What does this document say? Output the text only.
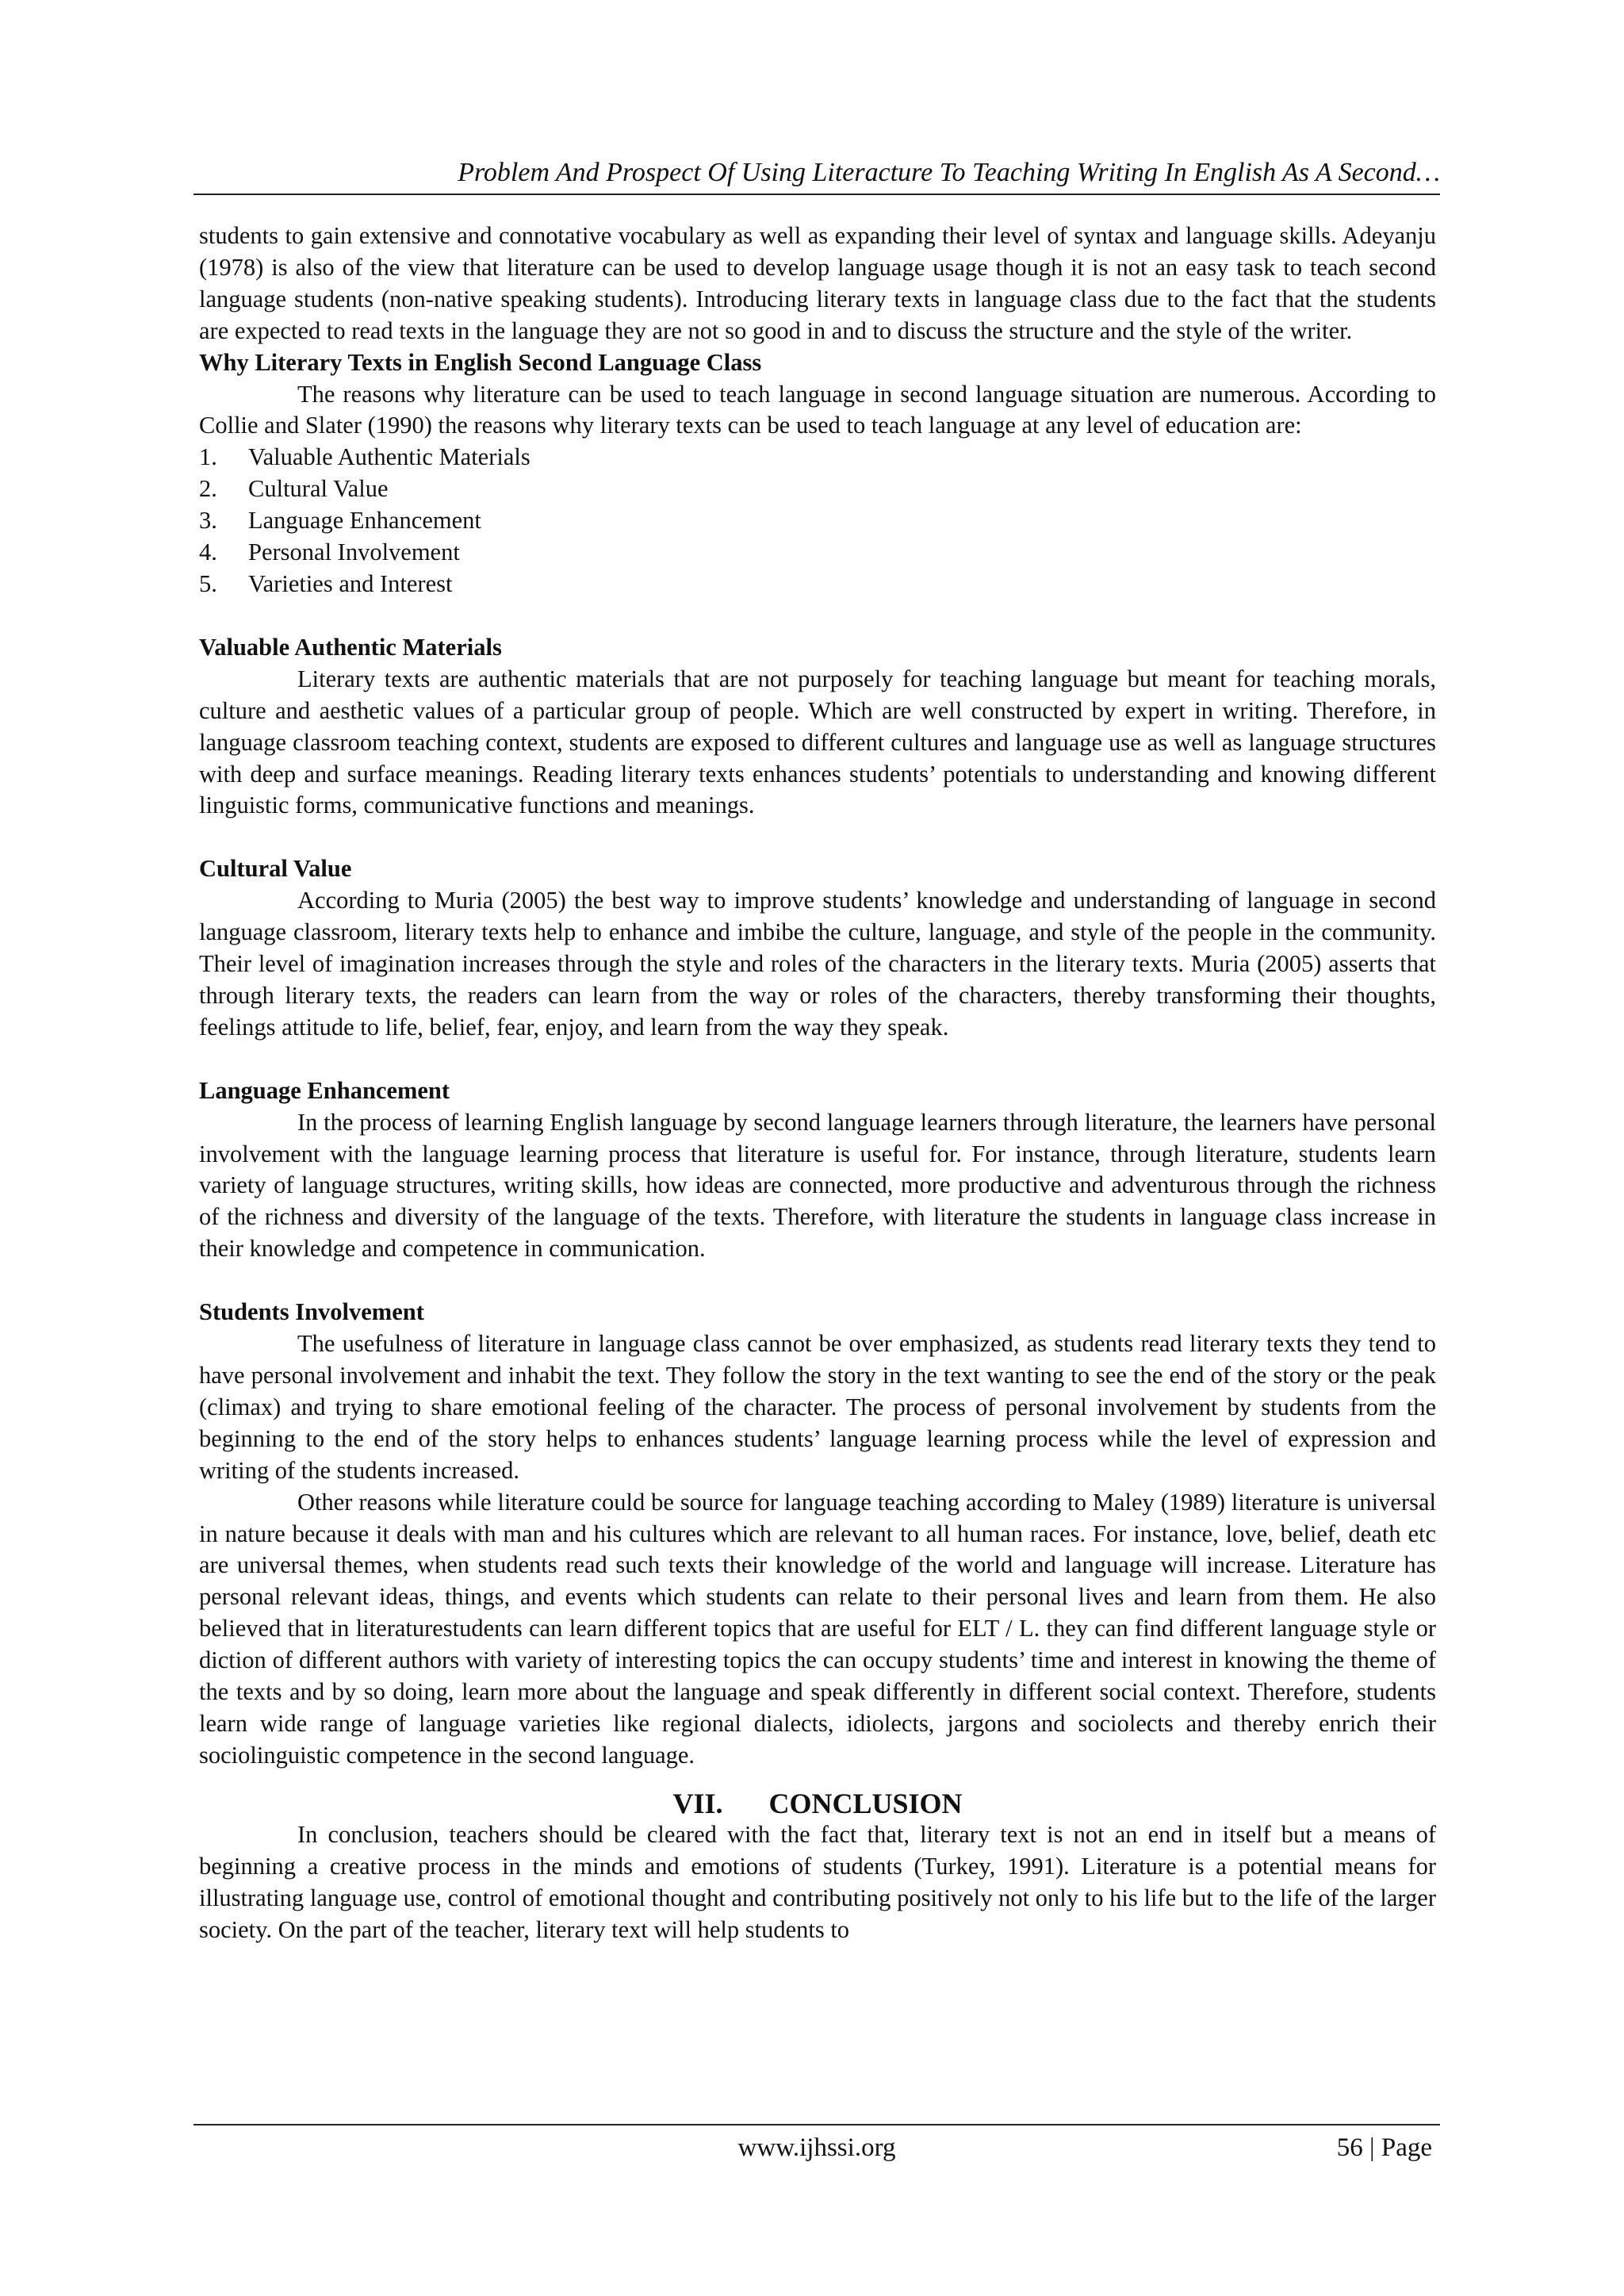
Problem And Prospect Of Using Literacture To Teaching Writing In English As A Second…

students to gain extensive and connotative vocabulary as well as expanding their level of syntax and language skills. Adeyanju (1978) is also of the view that literature can be used to develop language usage though it is not an easy task to teach second language students (non-native speaking students). Introducing literary texts in language class due to the fact that the students are expected to read texts in the language they are not so good in and to discuss the structure and the style of the writer.

Why Literary Texts in English Second Language Class

The reasons why literature can be used to teach language in second language situation are numerous. According to Collie and Slater (1990) the reasons why literary texts can be used to teach language at any level of education are:

1.	Valuable Authentic Materials
2.	Cultural Value
3.	Language Enhancement
4.	Personal Involvement
5.	Varieties and Interest
Valuable Authentic Materials

Literary texts are authentic materials that are not purposely for teaching language but meant for teaching morals, culture and aesthetic values of a particular group of people. Which are well constructed by expert in writing. Therefore, in language classroom teaching context, students are exposed to different cultures and language use as well as language structures with deep and surface meanings. Reading literary texts enhances students’ potentials to understanding and knowing different linguistic forms, communicative functions and meanings.

Cultural Value

According to Muria (2005) the best way to improve students’ knowledge and understanding of language in second language classroom, literary texts help to enhance and imbibe the culture, language, and style of the people in the community. Their level of imagination increases through the style and roles of the characters in the literary texts. Muria (2005) asserts that through literary texts, the readers can learn from the way or roles of the characters, thereby transforming their thoughts, feelings attitude to life, belief, fear, enjoy, and learn from the way they speak.

Language Enhancement

In the process of learning English language by second language learners through literature, the learners have personal involvement with the language learning process that literature is useful for. For instance, through literature, students learn variety of language structures, writing skills, how ideas are connected, more productive and adventurous through the richness of the richness and diversity of the language of the texts. Therefore, with literature the students in language class increase in their knowledge and competence in communication.

Students Involvement

The usefulness of literature in language class cannot be over emphasized, as students read literary texts they tend to have personal involvement and inhabit the text. They follow the story in the text wanting to see the end of the story or the peak (climax) and trying to share emotional feeling of the character. The process of personal involvement by students from the beginning to the end of the story helps to enhances students’ language learning process while the level of expression and writing of the students increased.

Other reasons while literature could be source for language teaching according to Maley (1989) literature is universal in nature because it deals with man and his cultures which are relevant to all human races. For instance, love, belief, death etc are universal themes, when students read such texts their knowledge of the world and language will increase. Literature has personal relevant ideas, things, and events which students can relate to their personal lives and learn from them. He also believed that in literaturestudents can learn different topics that are useful for ELT / L. they can find different language style or diction of different authors with variety of interesting topics the can occupy students’ time and interest in knowing the theme of the texts and by so doing, learn more about the language and speak differently in different social context. Therefore, students learn wide range of language varieties like regional dialects, idiolects, jargons and sociolects and thereby enrich their sociolinguistic competence in the second language.

VII. CONCLUSION

In conclusion, teachers should be cleared with the fact that, literary text is not an end in itself but a means of beginning a creative process in the minds and emotions of students (Turkey, 1991). Literature is a potential means for illustrating language use, control of emotional thought and contributing positively not only to his life but to the life of the larger society. On the part of the teacher, literary text will help students to

www.ijhssi.org	56 | Page
